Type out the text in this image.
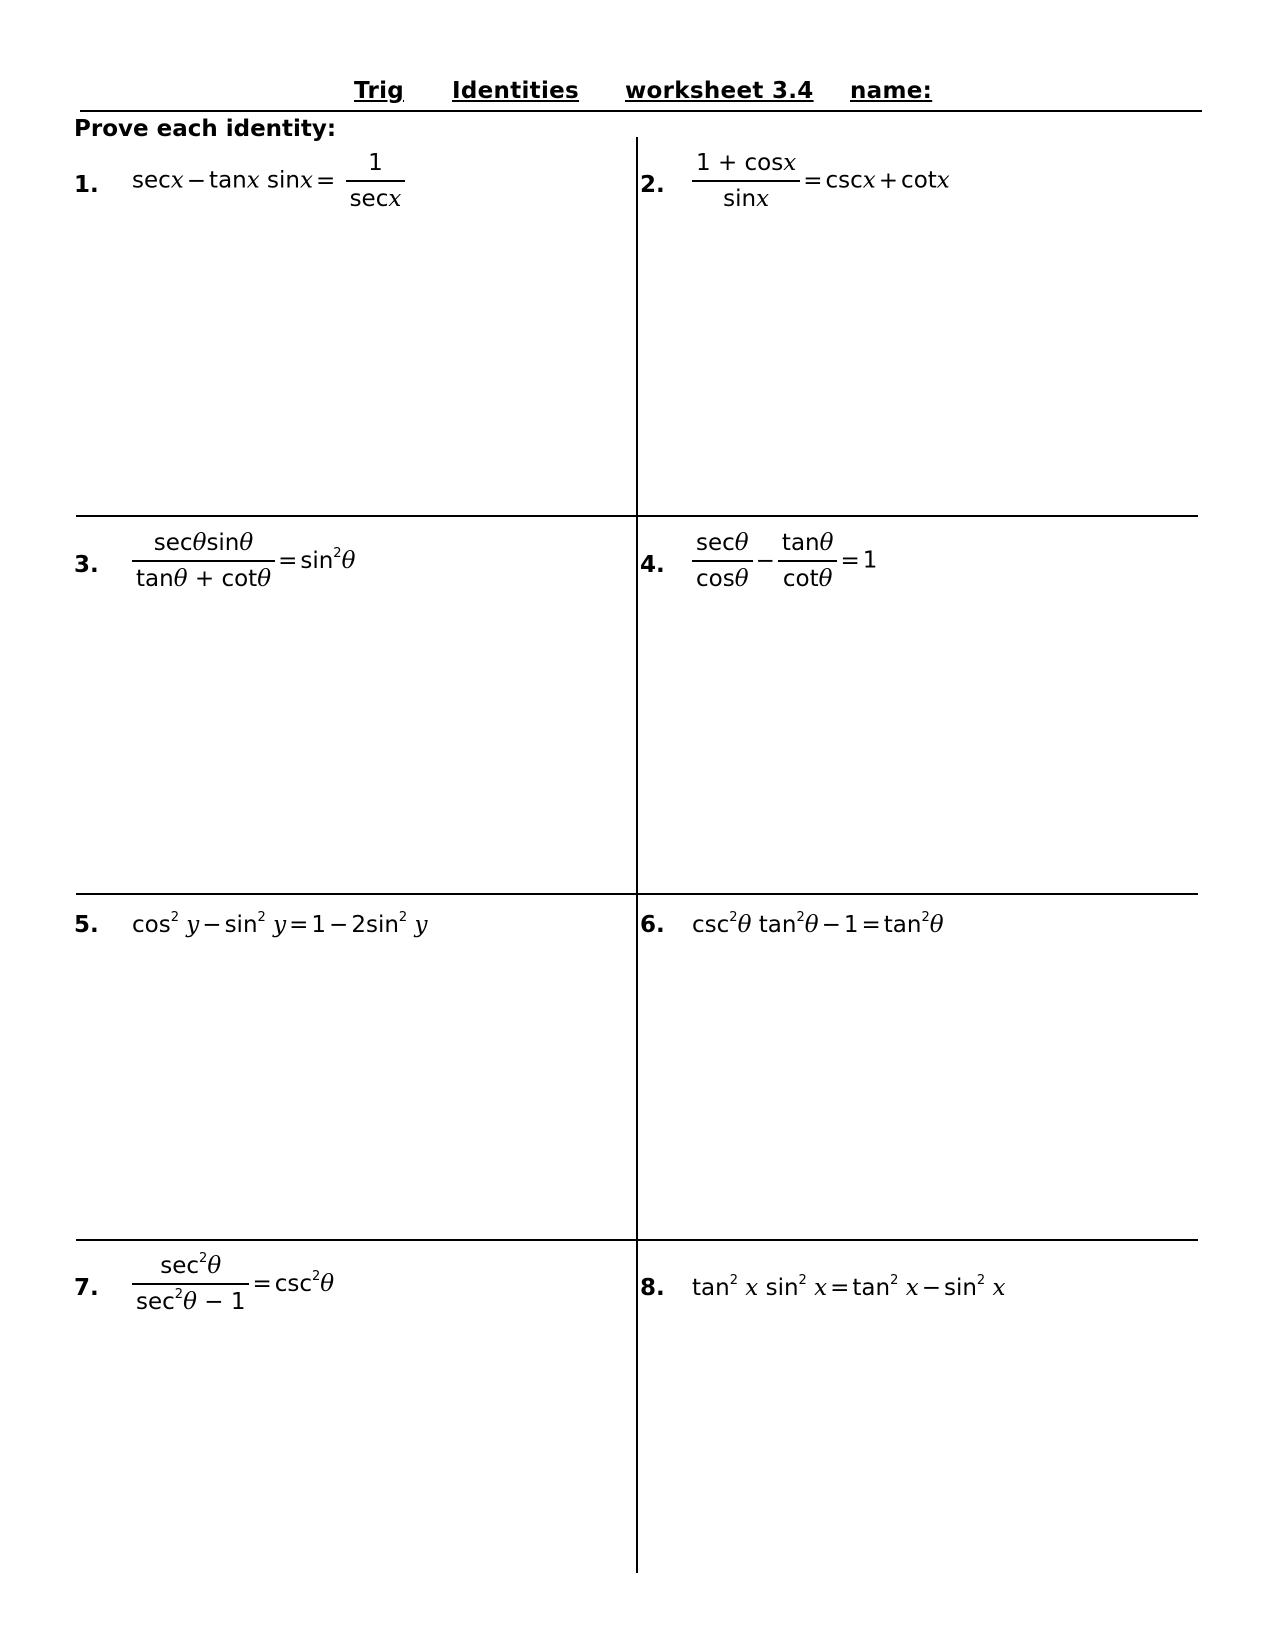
Trig Identities worksheet 3.4 name:
Prove each identity:
1. secx − tanx $\sin x = \frac{1}{\sec x}$	2. $\frac{1 + \cos x}{\sin x} = \csc x + \cot x$
3. $\frac{\sec\theta\sin\theta}{\tan\theta + \cot\theta} = \sin^2\theta$	4. $\frac{\sec\theta}{\cos\theta} - \frac{\tan\theta}{\cot\theta} = 1$
5. $\cos^2 y - \sin^2 y = 1 - 2\sin^2$ y	6. $\csc^2\theta$ $\tan^2\theta - 1 = \tan^2\theta$
7. $\frac{\sec^2\theta}{\sec^2\theta - 1} = \csc^2\theta$	8. $\tan^2 x$ $\sin^2 x = \tan^2 x - \sin^2 x$
